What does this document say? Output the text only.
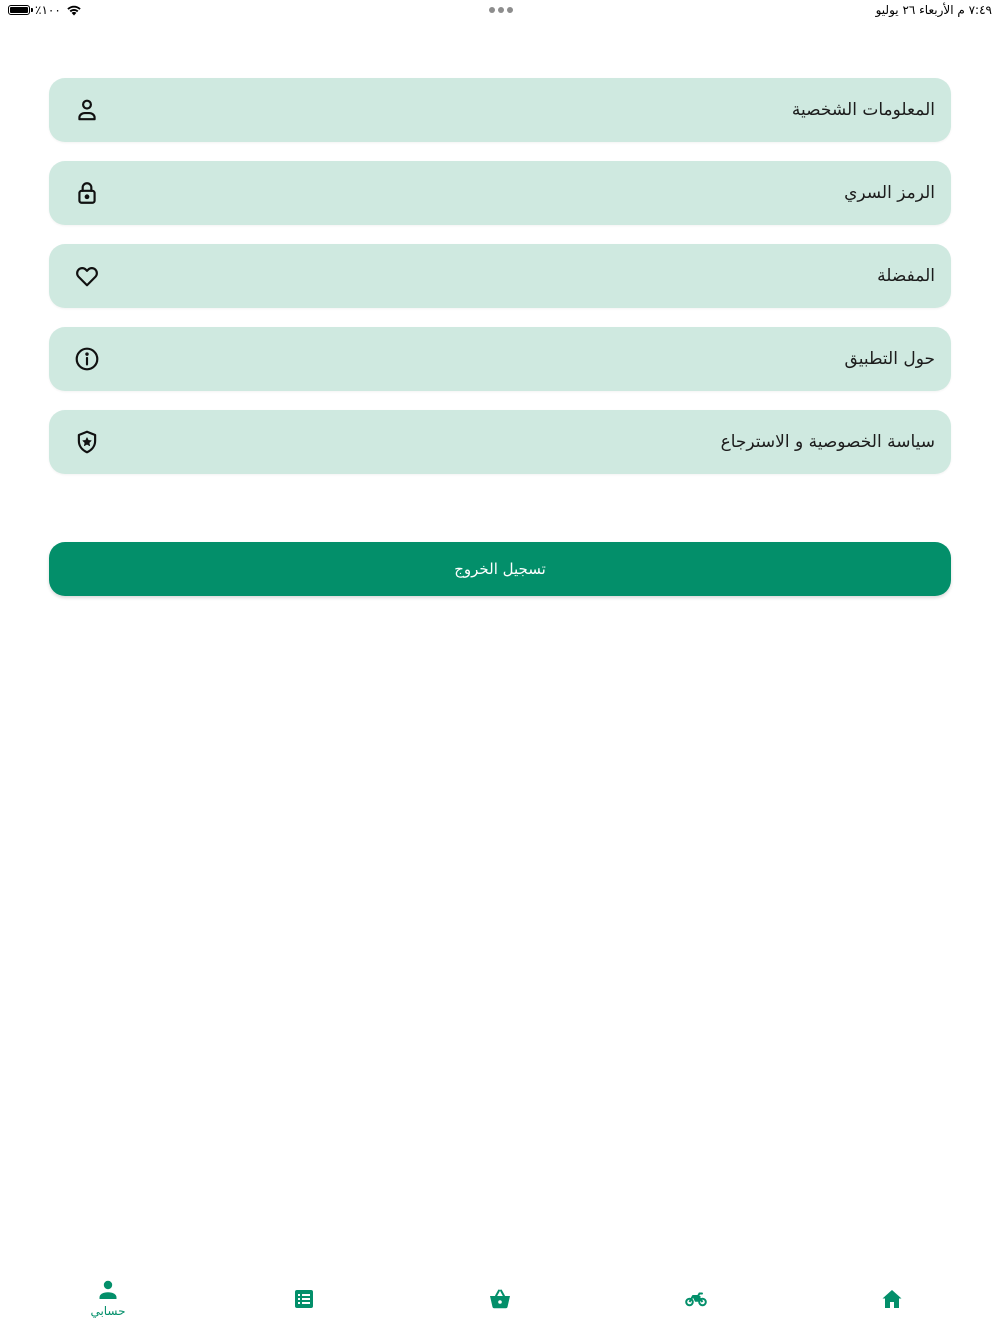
٪١٠٠	٧:٤٩ م الأربعاء ٢٦ يوليو
المعلومات الشخصية
الرمز السري
المفضلة
حول التطبيق
سياسة الخصوصية و الاسترجاع
تسجيل الخروج
حسابي
